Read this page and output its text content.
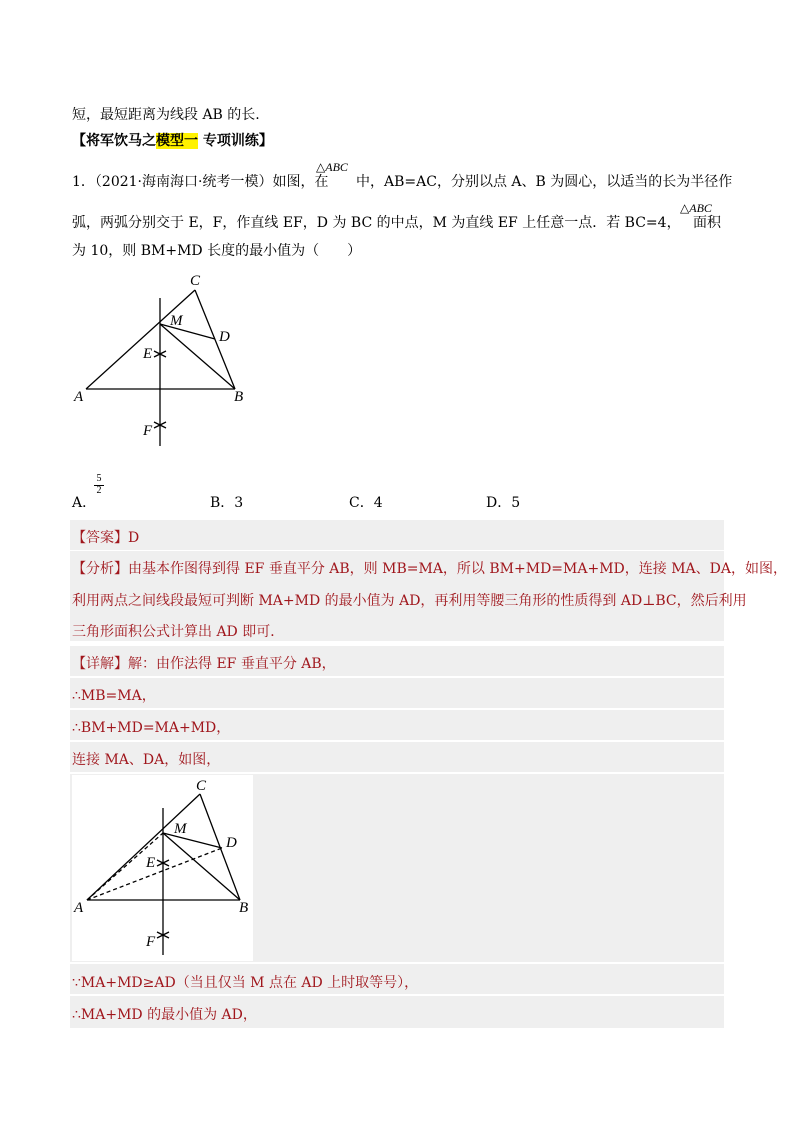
短，最短距离为线段 AB 的长.
【将军饮马之模型一 专项训练】
1．（2021·海南海口·统考一模）如图，在
△ABC
中，AB=AC，分别以点 A、B 为圆心，以适当的长为半径作
弧，两弧分别交于 E，F，作直线 EF，D 为 BC 的中点，M 为直线 EF 上任意一点．若 BC=4，
△ABC
面积
为 10，则 BM+MD 长度的最小值为（　　）
C
M
D
E
A	B
F
A．
$\frac{5}{2}$
B．3	C．4	D．5
【答案】D
【分析】由基本作图得到得 EF 垂直平分 AB，则 MB=MA，所以 BM+MD=MA+MD，连接 MA、DA，如图，
利用两点之间线段最短可判断 MA+MD 的最小值为 AD，再利用等腰三角形的性质得到 AD⊥BC，然后利用
三角形面积公式计算出 AD 即可．
【详解】解：由作法得 EF 垂直平分 AB，
∴MB=MA，
∴BM+MD=MA+MD，
连接 MA、DA，如图，
C
M
D
E
A	B
F
∵MA+MD≥AD（当且仅当 M 点在 AD 上时取等号），
∴MA+MD 的最小值为 AD，
